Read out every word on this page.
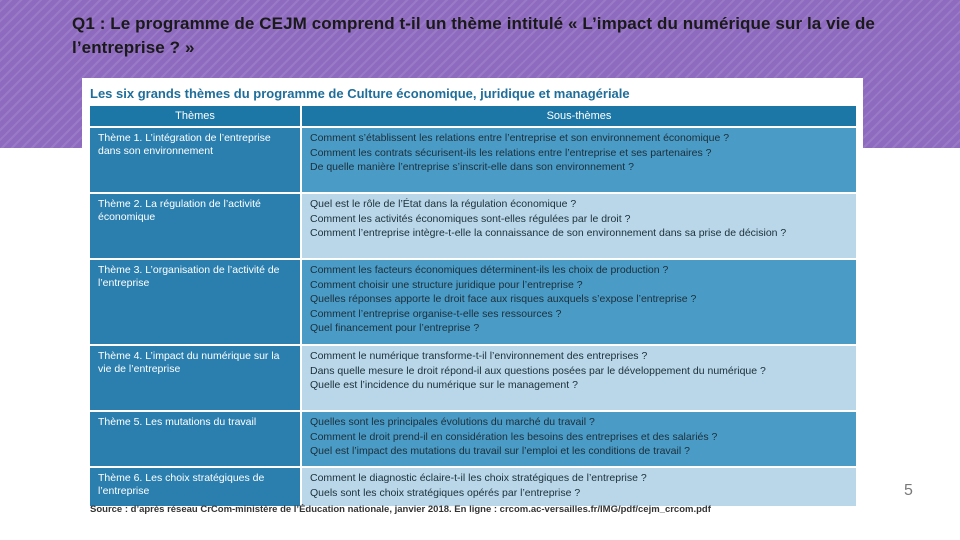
Q1 : Le programme de CEJM comprend t-il un thème intitulé « L’impact du numérique sur la vie de l’entreprise ? »
Les six grands thèmes du programme de Culture économique, juridique et managériale
Thèmes	Sous-thèmes
Thème 1. L’intégration de l’entreprise dans son environnement	Comment s’établissent les relations entre l’entreprise et son environnement économique ?
Comment les contrats sécurisent-ils les relations entre l’entreprise et ses partenaires ?
De quelle manière l’entreprise s’inscrit-elle dans son environnement ?

Thème 2. La régulation de l’activité économique	Quel est le rôle de l’État dans la régulation économique ?
Comment les activités économiques sont-elles régulées par le droit ?
Comment l’entreprise intègre-t-elle la connaissance de son environnement dans sa prise de décision ?

Thème 3. L’organisation de l’activité de l’entreprise	Comment les facteurs économiques déterminent-ils les choix de production ?
Comment choisir une structure juridique pour l’entreprise ?
Quelles réponses apporte le droit face aux risques auxquels s’expose l’entreprise ?
Comment l’entreprise organise-t-elle ses ressources ?
Quel financement pour l’entreprise ?

Thème 4. L’impact du numérique sur la vie de l’entreprise	Comment le numérique transforme-t-il l’environnement des entreprises ?
Dans quelle mesure le droit répond-il aux questions posées par le développement du numérique ?
Quelle est l’incidence du numérique sur le management ?

Thème 5. Les mutations du travail	Quelles sont les principales évolutions du marché du travail ?
Comment le droit prend-il en considération les besoins des entreprises et des salariés ?
Quel est l’impact des mutations du travail sur l’emploi et les conditions de travail ?

Thème 6. Les choix stratégiques de l’entreprise	Comment le diagnostic éclaire-t-il les choix stratégiques de l’entreprise ?
Quels sont les choix stratégiques opérés par l’entreprise ?
Source : d’après réseau CrCom-ministère de l’Éducation nationale, janvier 2018. En ligne : crcom.ac-versailles.fr/IMG/pdf/cejm_crcom.pdf
5
